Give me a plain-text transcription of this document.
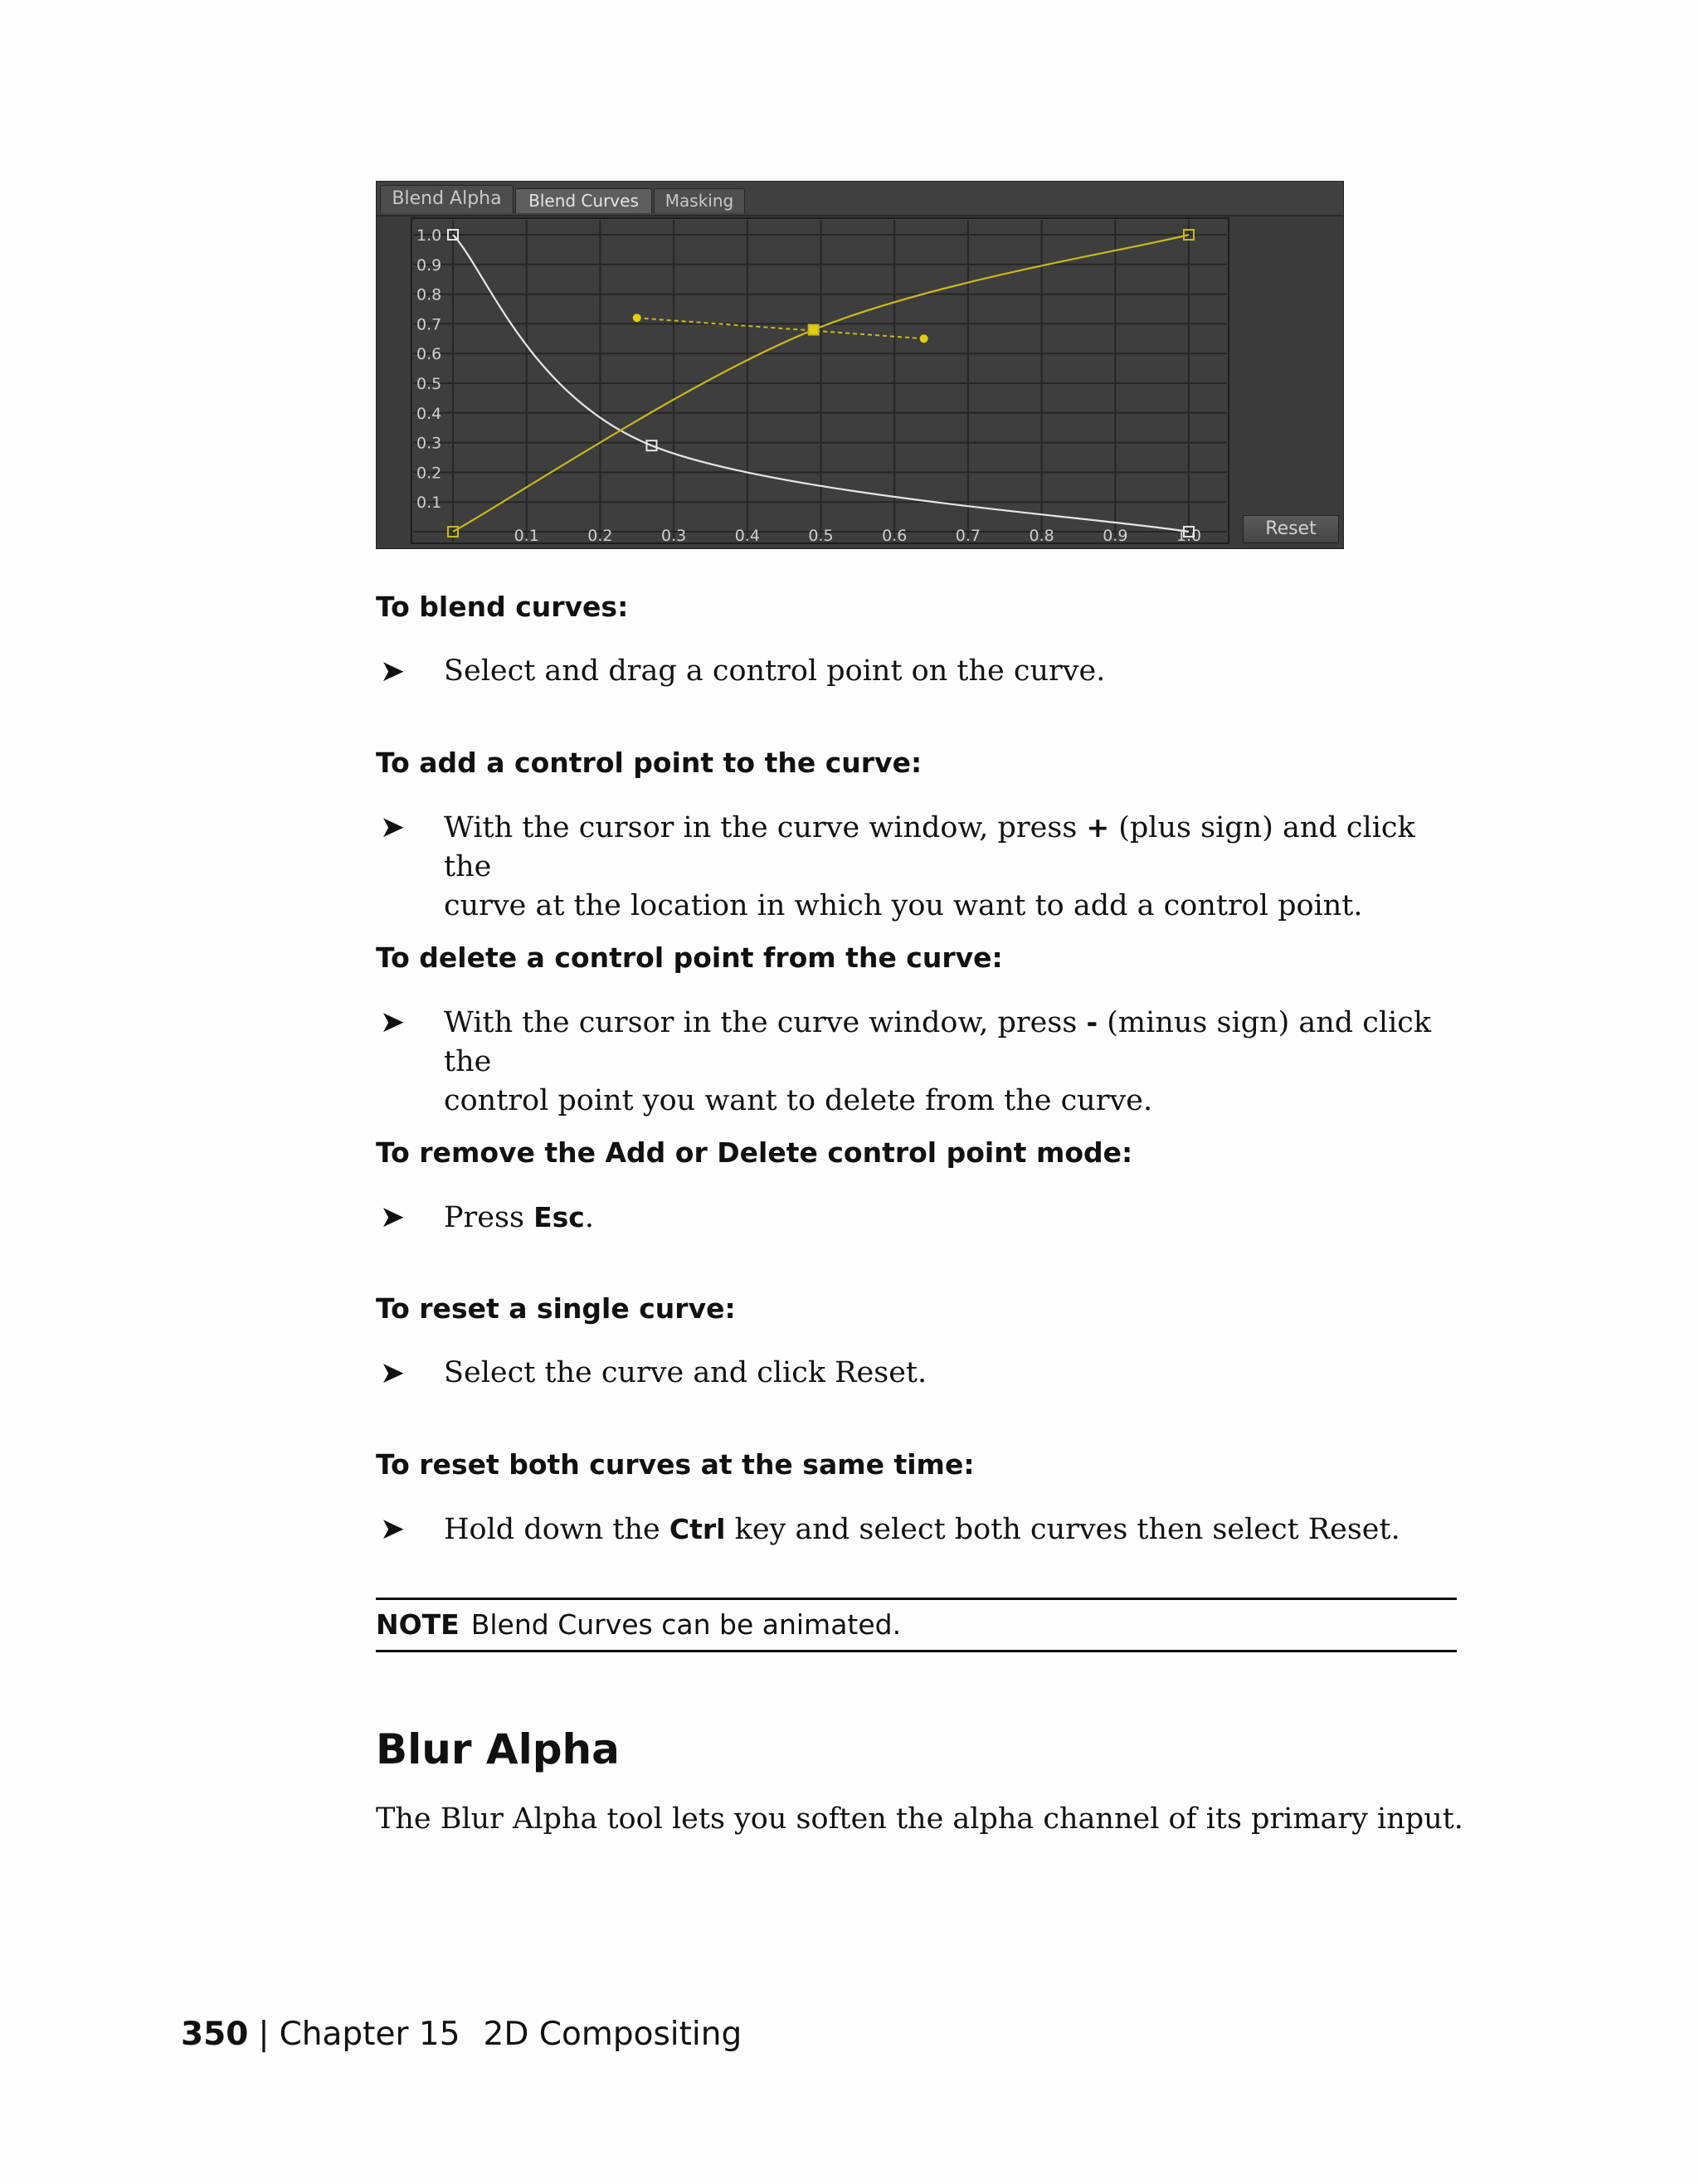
Blend Alpha	Blend Curves	Masking
1.0
0.9
0.8
0.7
0.6
0.5
0.4
0.3
0.2
0.1
0.1	0.2	0.3	0.4	0.5	0.6	0.7	0.8	0.9	1.0	Reset
To blend curves:
➤ Select and drag a control point on the curve.
To add a control point to the curve:
➤ With the cursor in the curve window, press + (plus sign) and click the
curve at the location in which you want to add a control point.
To delete a control point from the curve:
➤ With the cursor in the curve window, press - (minus sign) and click the
control point you want to delete from the curve.
To remove the Add or Delete control point mode:
➤ Press Esc.
To reset a single curve:
➤ Select the curve and click Reset.
To reset both curves at the same time:
➤ Hold down the Ctrl key and select both curves then select Reset.
NOTE Blend Curves can be animated.
Blur Alpha
The Blur Alpha tool lets you soften the alpha channel of its primary input.
350 | Chapter 15 2D Compositing
